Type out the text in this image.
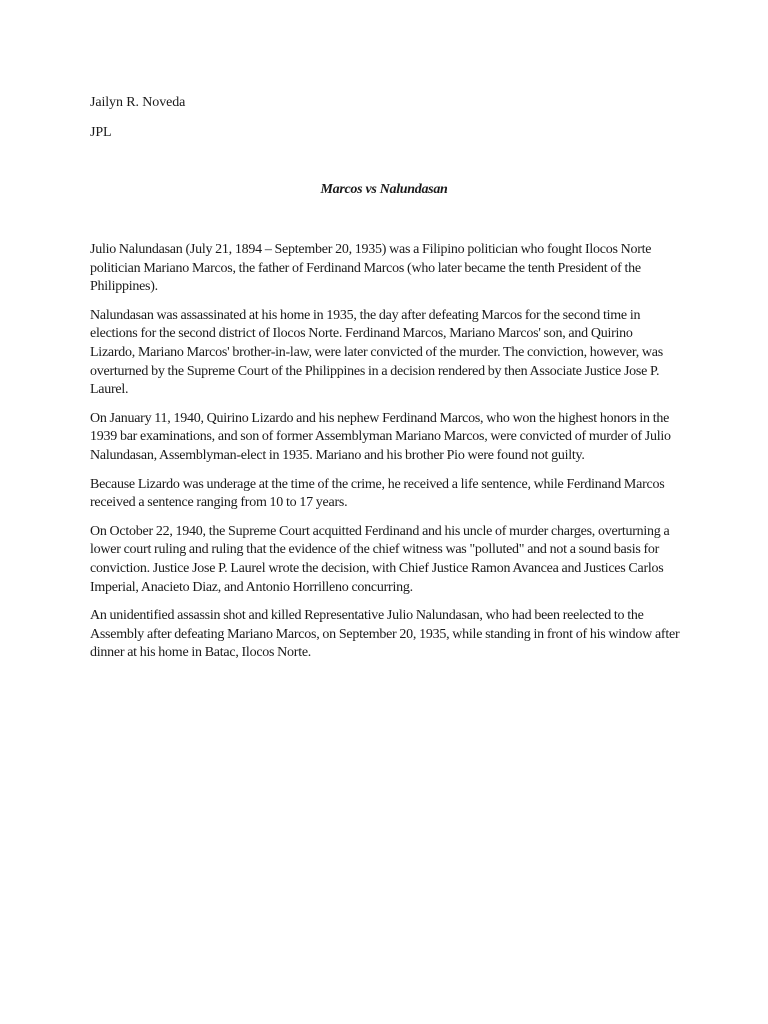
Jailyn R. Noveda

JPL

Marcos vs Nalundasan

Julio Nalundasan (July 21, 1894 – September 20, 1935) was a Filipino politician who fought Ilocos Norte politician Mariano Marcos, the father of Ferdinand Marcos (who later became the tenth President of the Philippines).

Nalundasan was assassinated at his home in 1935, the day after defeating Marcos for the second time in elections for the second district of Ilocos Norte. Ferdinand Marcos, Mariano Marcos' son, and Quirino Lizardo, Mariano Marcos' brother-in-law, were later convicted of the murder. The conviction, however, was overturned by the Supreme Court of the Philippines in a decision rendered by then Associate Justice Jose P. Laurel.

On January 11, 1940, Quirino Lizardo and his nephew Ferdinand Marcos, who won the highest honors in the 1939 bar examinations, and son of former Assemblyman Mariano Marcos, were convicted of murder of Julio Nalundasan, Assemblyman-elect in 1935. Mariano and his brother Pio were found not guilty.

Because Lizardo was underage at the time of the crime, he received a life sentence, while Ferdinand Marcos received a sentence ranging from 10 to 17 years.

On October 22, 1940, the Supreme Court acquitted Ferdinand and his uncle of murder charges, overturning a lower court ruling and ruling that the evidence of the chief witness was "polluted" and not a sound basis for conviction. Justice Jose P. Laurel wrote the decision, with Chief Justice Ramon Avancea and Justices Carlos Imperial, Anacieto Diaz, and Antonio Horrilleno concurring.

An unidentified assassin shot and killed Representative Julio Nalundasan, who had been reelected to the Assembly after defeating Mariano Marcos, on September 20, 1935, while standing in front of his window after dinner at his home in Batac, Ilocos Norte.
